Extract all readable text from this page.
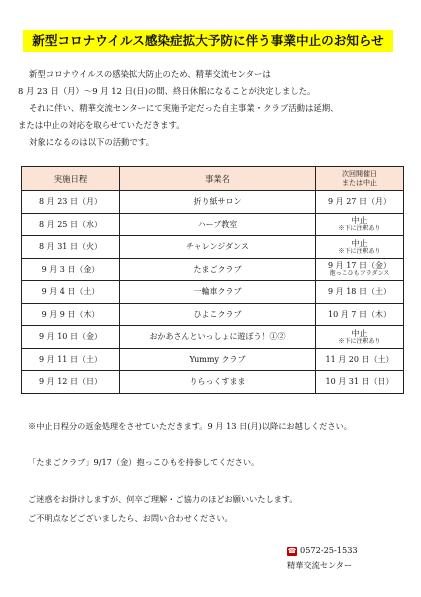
新型コロナウイルス感染症拡大予防に伴う事業中止のお知らせ

新型コロナウイルスの感染拡大防止のため、精華交流センターは

8 月 23 日（月）～9 月 12 日(日)の間、終日休館になることが決定しました。

それに伴い、精華交流センターにて実施予定だった自主事業・クラブ活動は延期、

または中止の対応を取らせていただきます。

対象になるのは以下の活動です。

実施日程	事業名	次回開催日
または中止
8 月 23 日（月）	折り紙サロン	9 月 27 日（月）

8 月 25 日（水）	ハーブ教室	中止
※下に注釈あり

8 月 31 日（火）	チャレンジダンス	中止
※下に注釈あり

9 月 3 日（金）	たまごクラブ	9 月 17 日（金）
抱っこひもフラダンス

9 月 4 日（土）	一輪車クラブ	9 月 18 日（土）

9 月 9 日（木）	ひよこクラブ	10 月 7 日（木）

9 月 10 日（金）	おかあさんといっしょに遊ぼう！①②	中止
※下に注釈あり

9 月 11 日（土）	Yummy クラブ	11 月 20 日（土）

9 月 12 日（日）	りらっくすまま	10 月 31 日（日）
※中止日程分の返金処理をさせていただきます。9 月 13 日(月)以降にお越しください。
「たまごクラブ」9/17（金）抱っこひもを持参してください。
ご迷惑をお掛けしますが、何卒ご理解・ご協力のほどお願いいたします。
ご不明点などございましたら、お問い合わせください。
☎ 0572-25-1533
精華交流センター
